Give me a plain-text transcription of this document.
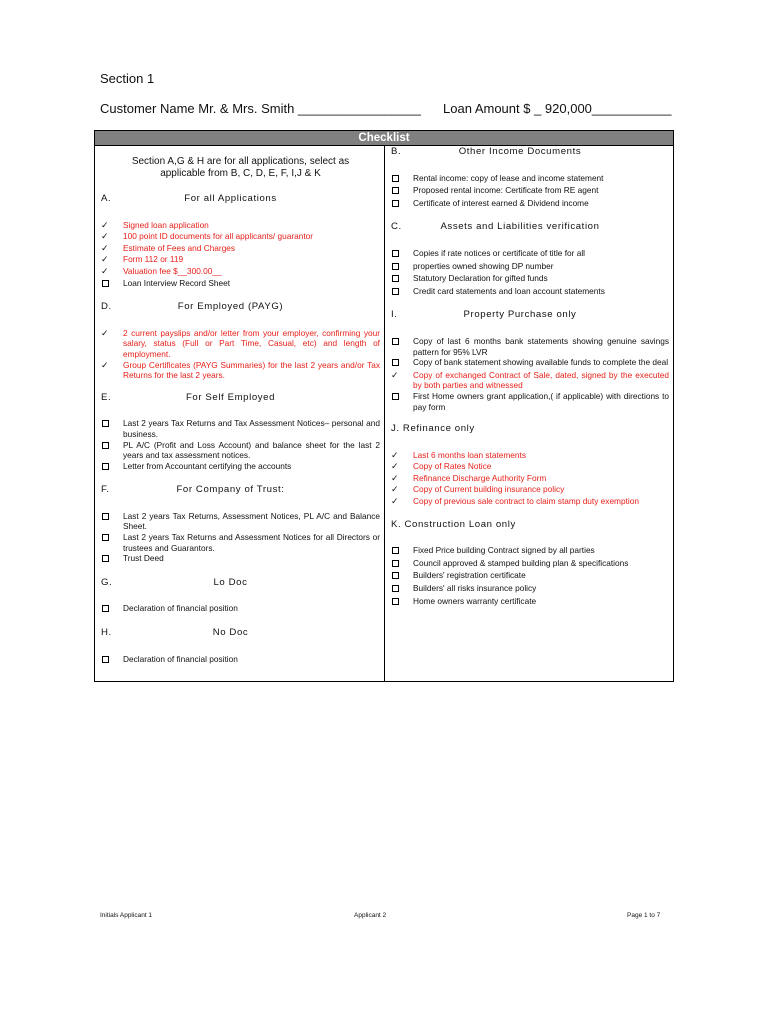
Section 1
Customer Name Mr. & Mrs. Smith _________________ Loan Amount $ _ 920,000___________
Checklist
Section A,G & H are for all applications, select as applicable from B, C, D, E, F, I,J & K
A.	For all Applications
✓	Signed loan application
✓	100 point ID documents for all applicants/ guarantor
✓	Estimate of Fees and Charges
✓	Form 112 or 119
✓	Valuation fee $__300.00__
Loan Interview Record Sheet
D.	For Employed (PAYG)
✓	2 current payslips and/or letter from your employer, confirming your salary, status (Full or Part Time, Casual, etc) and length of employment.
✓	Group Certificates (PAYG Summaries) for the last 2 years and/or Tax Returns for the last 2 years.
E.	For Self Employed
Last 2 years Tax Returns and Tax Assessment Notices– personal and business.
PL A/C (Profit and Loss Account) and balance sheet for the last 2 years and tax assessment notices.
Letter from Accountant certifying the accounts
F.	For Company of Trust:
Last 2 years Tax Returns, Assessment Notices, PL A/C and Balance Sheet.
Last 2 years Tax Returns and Assessment Notices for all Directors or trustees and Guarantors.
Trust Deed
G.	Lo Doc
Declaration of financial position
H.	No Doc
Declaration of financial position
B.	Other Income Documents
Rental income: copy of lease and income statement
Proposed rental income: Certificate from RE agent
Certificate of interest earned & Dividend income
C.	Assets and Liabilities verification
Copies if rate notices or certificate of title for all
properties owned showing DP number
Statutory Declaration for gifted funds
Credit card statements and loan account statements
I.	Property Purchase only
Copy of last 6 months bank statements showing genuine savings pattern for 95% LVR
Copy of bank statement showing available funds to complete the deal
✓	Copy of exchanged Contract of Sale, dated, signed by the executed by both parties and witnessed
First Home owners grant application,( if applicable) with directions to pay form
J. Refinance only
✓	Last 6 months loan statements
✓	Copy of Rates Notice
✓	Refinance Discharge Authority Form
✓	Copy of Current building insurance policy
✓	Copy of previous sale contract to claim stamp duty exemption
K. Construction Loan only
Fixed Price building Contract signed by all parties
Council approved & stamped building plan & specifications
Builders' registration certificate
Builders' all risks insurance policy
Home owners warranty certificate
Initials Applicant 1	Applicant 2	Page 1 to 7
